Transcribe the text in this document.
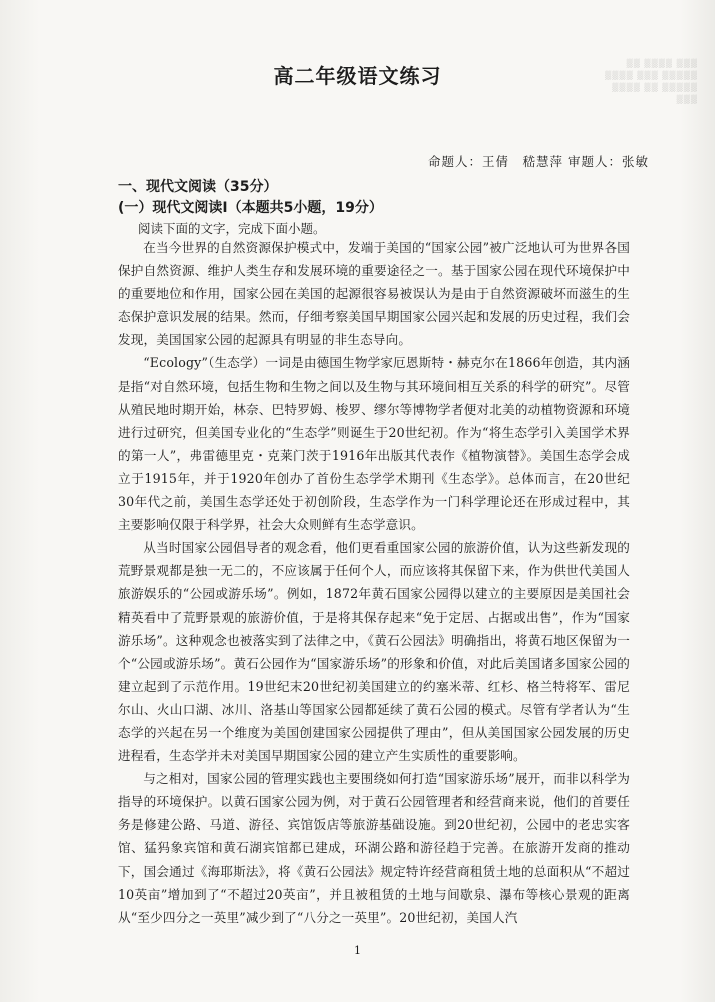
▒▒▒ ▒▒▒▒ ▒▒ ▒▒▒▒▒ ▒▒▒ ▒▒▒▒ ▒▒▒▒▒ ▒▒ ▒▒▒▒ ▒▒▒
高二年级语文练习
命题人：王倩　嵇慧萍 审题人：张敏
一、现代文阅读（35分）
(一）现代文阅读Ⅰ（本题共5小题，19分）
阅读下面的文字，完成下面小题。

在当今世界的自然资源保护模式中，发端于美国的“国家公园”被广泛地认可为世界各国保护自然资源、维护人类生存和发展环境的重要途径之一。基于国家公园在现代环境保护中的重要地位和作用，国家公园在美国的起源很容易被误认为是由于自然资源破坏而滋生的生态保护意识发展的结果。然而，仔细考察美国早期国家公园兴起和发展的历史过程，我们会发现，美国国家公园的起源具有明显的非生态导向。

“Ecology”（生态学）一词是由德国生物学家厄恩斯特・赫克尔在1866年创造，其内涵是指“对自然环境，包括生物和生物之间以及生物与其环境间相互关系的科学的研究”。尽管从殖民地时期开始，林奈、巴特罗姆、梭罗、缪尔等博物学者便对北美的动植物资源和环境进行过研究，但美国专业化的“生态学”则诞生于20世纪初。作为“将生态学引入美国学术界的第一人”，弗雷德里克・克莱门茨于1916年出版其代表作《植物演替》。美国生态学会成立于1915年，并于1920年创办了首份生态学学术期刊《生态学》。总体而言，在20世纪30年代之前，美国生态学还处于初创阶段，生态学作为一门科学理论还在形成过程中，其主要影响仅限于科学界，社会大众则鲜有生态学意识。

从当时国家公园倡导者的观念看，他们更看重国家公园的旅游价值，认为这些新发现的荒野景观都是独一无二的，不应该属于任何个人，而应该将其保留下来，作为供世代美国人旅游娱乐的“公园或游乐场”。例如，1872年黄石国家公园得以建立的主要原因是美国社会精英看中了荒野景观的旅游价值，于是将其保存起来“免于定居、占据或出售”，作为“国家游乐场”。这种观念也被落实到了法律之中，《黄石公园法》明确指出，将黄石地区保留为一个“公园或游乐场”。黄石公园作为“国家游乐场”的形象和价值，对此后美国诸多国家公园的建立起到了示范作用。19世纪末20世纪初美国建立的约塞米蒂、红杉、格兰特将军、雷尼尔山、火山口湖、冰川、洛基山等国家公园都延续了黄石公园的模式。尽管有学者认为“生态学的兴起在另一个维度为美国创建国家公园提供了理由”，但从美国国家公园发展的历史进程看，生态学并未对美国早期国家公园的建立产生实质性的重要影响。

与之相对，国家公园的管理实践也主要围绕如何打造“国家游乐场”展开，而非以科学为指导的环境保护。以黄石国家公园为例，对于黄石公园管理者和经营商来说，他们的首要任务是修建公路、马道、游径、宾馆饭店等旅游基础设施。到20世纪初，公园中的老忠实客馆、猛犸象宾馆和黄石湖宾馆都已建成，环湖公路和游径趋于完善。在旅游开发商的推动下，国会通过《海耶斯法》，将《黄石公园法》规定特许经营商租赁土地的总面积从“不超过10英亩”增加到了“不超过20英亩”，并且被租赁的土地与间歇泉、瀑布等核心景观的距离从“至少四分之一英里”减少到了“八分之一英里”。20世纪初，美国人汽

1
